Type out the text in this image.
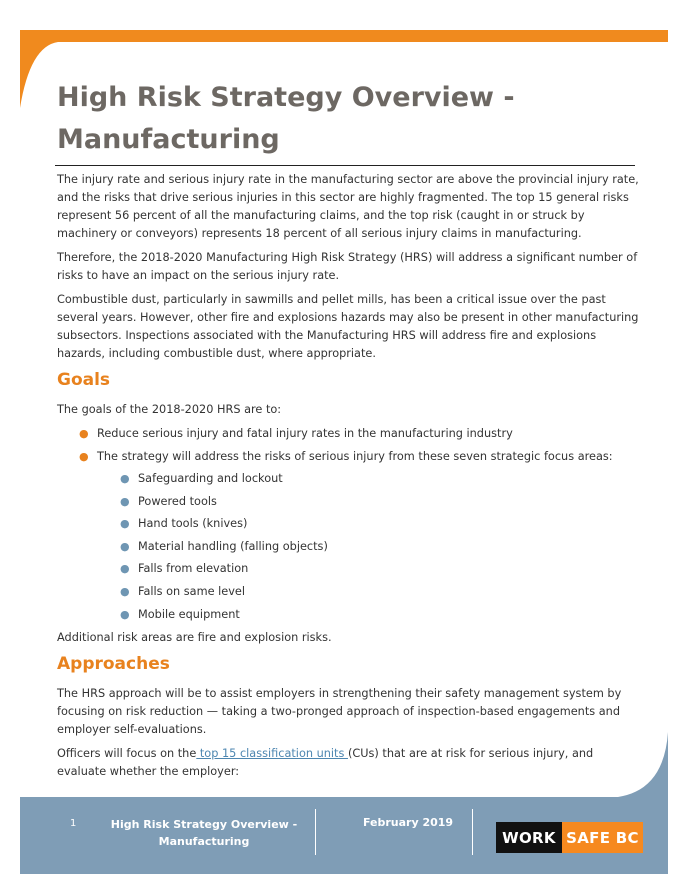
High Risk Strategy Overview - Manufacturing

The injury rate and serious injury rate in the manufacturing sector are above the provincial injury rate, and the risks that drive serious injuries in this sector are highly fragmented. The top 15 general risks represent 56 percent of all the manufacturing claims, and the top risk (caught in or struck by machinery or conveyors) represents 18 percent of all serious injury claims in manufacturing.

Therefore, the 2018-2020 Manufacturing High Risk Strategy (HRS) will address a significant number of risks to have an impact on the serious injury rate.

Combustible dust, particularly in sawmills and pellet mills, has been a critical issue over the past several years. However, other fire and explosions hazards may also be present in other manufacturing subsectors. Inspections associated with the Manufacturing HRS will address fire and explosions hazards, including combustible dust, where appropriate.

Goals

The goals of the 2018-2020 HRS are to:

● Reduce serious injury and fatal injury rates in the manufacturing industry
● The strategy will address the risks of serious injury from these seven strategic focus areas:
● Safeguarding and lockout
● Powered tools
● Hand tools (knives)
● Material handling (falling objects)
● Falls from elevation
● Falls on same level
● Mobile equipment

Additional risk areas are fire and explosion risks.

Approaches

The HRS approach will be to assist employers in strengthening their safety management system by focusing on risk reduction — taking a two-pronged approach of inspection-based engagements and employer self-evaluations.

Officers will focus on the top 15 classification units (CUs) that are at risk for serious injury, and evaluate whether the employer:

1	High Risk Strategy Overview - Manufacturing
February 2019
WORK SAFE BC
